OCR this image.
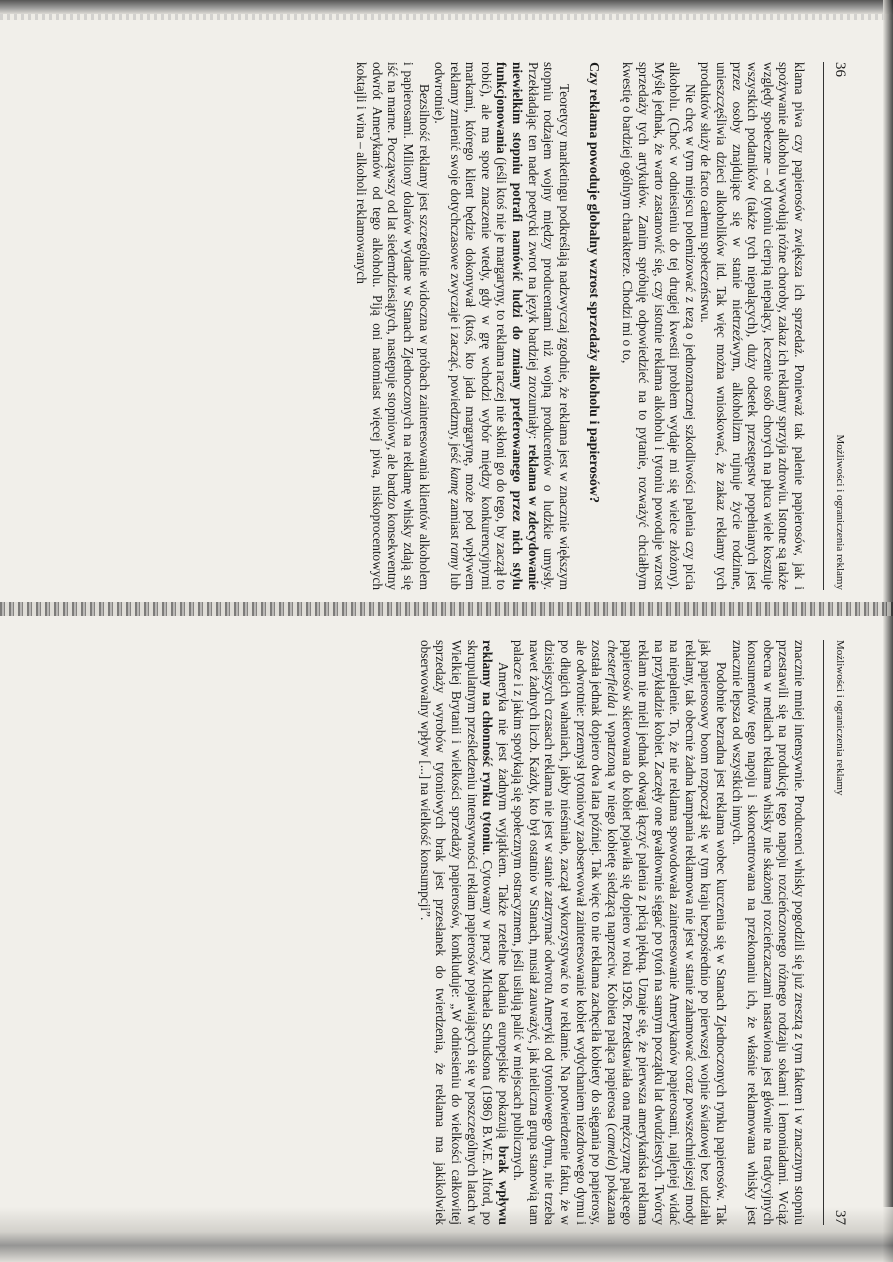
36
Możliwości i ograniczenia reklamy

klama piwa czy papierosów zwiększa ich sprzedaż. Ponieważ tak palenie papierosów, jak i spożywanie alkoholu wywołują różne choroby, zakaz ich reklamy sprzyja zdrowiu. Istotne są także względy społeczne – od tytoniu cierpią niepalący, leczenie osób chorych na płuca wiele kosztuje wszystkich podatników (także tych niepalących), duży odsetek przestępstw popełnianych jest przez osoby znajdujące się w stanie nietrzeźwym, alkoholizm rujnuje życie rodzinne, unieszczęśliwia dzieci alkoholików itd. Tak więc można wnioskować, że zakaz reklamy tych produktów służy de facto całemu społeczeństwu.

Nie chcę w tym miejscu polemizować z tezą o jednoznacznej szkodliwości palenia czy picia alkoholu. (Choć w odniesieniu do tej drugiej kwestii problem wydaje mi się wielce złożony). Myślę jednak, że warto zastanowić się, czy istotnie reklama alkoholu i tytoniu powoduje wzrost sprzedaży tych artykułów. Zanim spróbuję odpowiedzieć na to pytanie, rozważyć chciałbym kwestię o bardziej ogólnym charakterze. Chodzi mi o to,

Czy reklama powoduje globalny wzrost sprzedaży alkoholu i papierosów?

Teoretycy marketingu podkreślają nadzwyczaj zgodnie, że reklama jest w znacznie większym stopniu rodzajem wojny między producentami niż wojną producentów o ludzkie umysły. Przekładając ten nader poetycki zwrot na język bardziej zrozumiały: reklama w zdecydowanie niewielkim stopniu potrafi namówić ludzi do zmiany preferowanego przez nich stylu funkcjonowania (jeśli ktoś nie je margaryny, to reklama raczej nie skłoni go do tego, by zaczął to robić), ale ma spore znaczenie wtedy, gdy w grę wchodzi wybór między konkurencyjnymi markami, którego klient będzie dokonywał (ktoś, kto jada margarynę, może pod wpływem reklamy zmienić swoje dotychczasowe zwyczaje i zacząć, powiedzmy, jeść kamę zamiast ramy lub odwrotnie).

Bezsilność reklamy jest szczególnie widoczna w próbach zainteresowania klientów alkoholem i papierosami. Miliony dolarów wydane w Stanach Zjednoczonych na reklamę whisky zdają się iść na marne. Począwszy od lat siedemdziesiątych, następuje stopniowy, ale bardzo konsekwentny odwrót Amerykanów od tego alkoholu. Piją oni natomiast więcej piwa, niskoprocentowych koktajli i wina – alkoholi reklamowanych

Możliwości i ograniczenia reklamy
37

znacznie mniej intensywnie. Producenci whisky pogodzili się już zresztą z tym faktem i w znacznym stopniu przestawili się na produkcję tego napoju rozcieńczonego różnego rodzaju sokami i lemoniadami. Wciąż obecna w mediach reklama whisky nie skażonej rozcieńczaczami nastawiona jest głównie na tradycyjnych konsumentów tego napoju i skoncentrowana na przekonaniu ich, że właśnie reklamowana whisky jest znacznie lepsza od wszystkich innych.

Podobnie bezradna jest reklama wobec kurczenia się w Stanach Zjednoczonych rynku papierosów. Tak jak papierosowy boom rozpoczął się w tym kraju bezpośrednio po pierwszej wojnie światowej bez udziału reklamy, tak obecnie żadna kampania reklamowa nie jest w stanie zahamować coraz powszechniejszej mody na niepalenie. To, że nie reklama spowodowała zainteresowanie Amerykanów papierosami, najlepiej widać na przykładzie kobiet. Zaczęły one gwałtownie sięgać po tytoń na samym początku lat dwudziestych. Twórcy reklam nie mieli jednak odwagi łączyć palenia z płcią piękną. Uznaje się, że pierwsza amerykańska reklama papierosów skierowana do kobiet pojawiła się dopiero w roku 1926. Przedstawiała ona mężczyznę palącego chesterfielda i wpatrzoną w niego kobietę siedzącą naprzeciw. Kobieta paląca papierosa (camela) pokazana została jednak dopiero dwa lata później. Tak więc to nie reklama zachęciła kobiety do sięgania po papierosy, ale odwrotnie: przemysł tytoniowy zaobserwował zainteresowanie kobiet wydychaniem niezdrowego dymu i po długich wahaniach, jakby nieśmiało, zaczął wykorzystywać to w reklamie. Na potwierdzenie faktu, że w dzisiejszych czasach reklama nie jest w stanie zatrzymać odwrotu Ameryki od tytoniowego dymu, nie trzeba nawet żadnych liczb. Każdy, kto był ostatnio w Stanach, musiał zauważyć, jak nieliczna grupa stanowią tam palacze i z jakim spotykają się społecznym ostracyzmem, jeśli usiłują palić w miejscach publicznych.

Ameryka nie jest żadnym wyjątkiem. Także rzetelne badania europejskie pokazują brak wpływu reklamy na chłonność rynku tytoniu. Cytowany w pracy Michaela Schudsona (1986) B.W.E. Alford, po skrupulatnym prześledzeniu intensywności reklam papierosów pojawiających się w poszczególnych latach w Wielkiej Brytanii i wielkości sprzedaży papierosów, konkluduje: „W odniesieniu do wielkości całkowitej sprzedaży wyrobów tytoniowych brak jest przesłanek do twierdzenia, że reklama ma jakikolwiek obserwowalny wpływ [...] na wielkość konsumpcji”.
